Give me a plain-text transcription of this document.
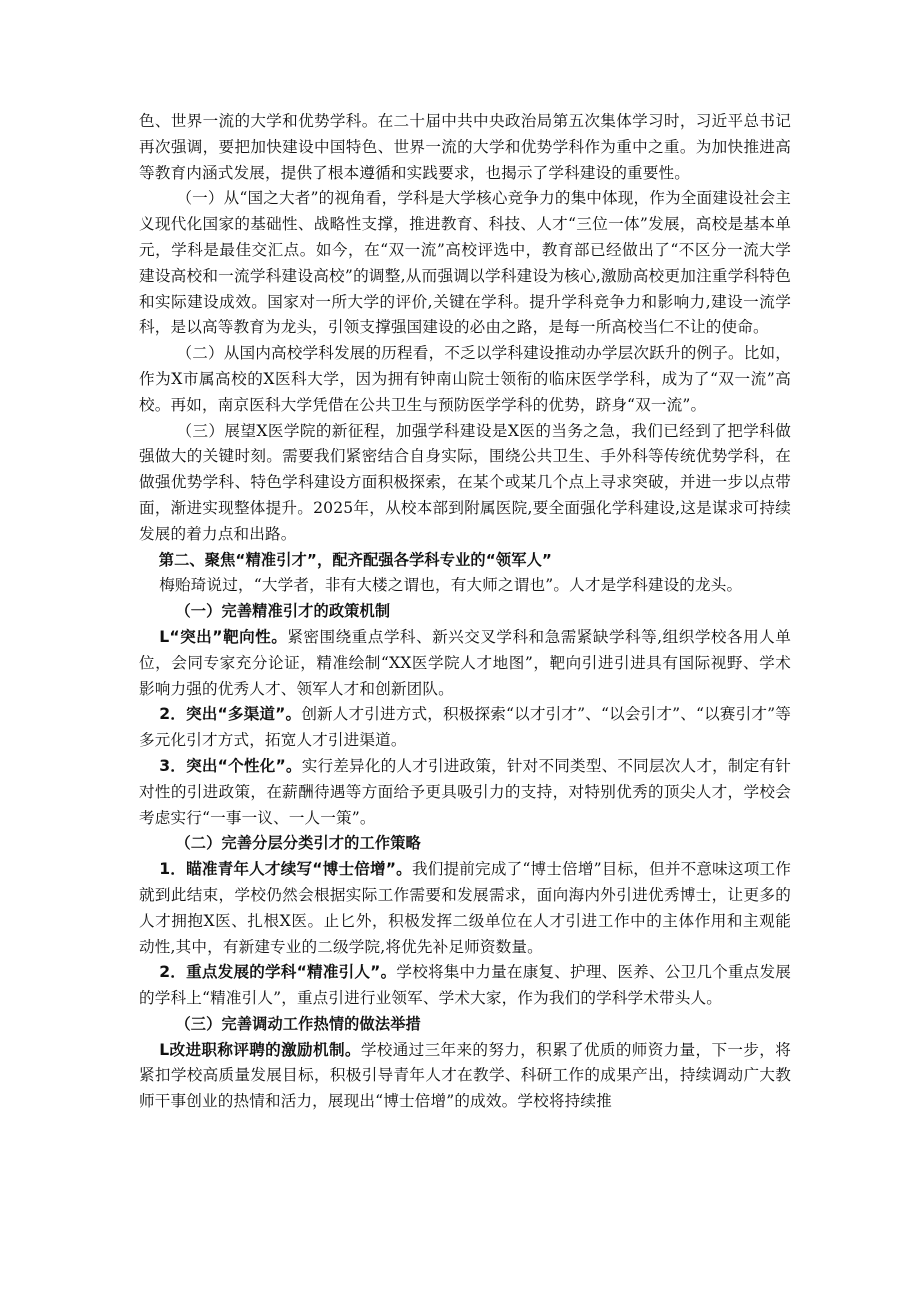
色、世界一流的大学和优势学科。在二十届中共中央政治局第五次集体学习时，习近平总书记再次强调，要把加快建设中国特色、世界一流的大学和优势学科作为重中之重。为加快推进高等教育内涵式发展，提供了根本遵循和实践要求，也揭示了学科建设的重要性。

（一）从“国之大者”的视角看，学科是大学核心竞争力的集中体现，作为全面建设社会主义现代化国家的基础性、战略性支撑，推进教育、科技、人才“三位一体”发展，高校是基本单元，学科是最佳交汇点。如今，在“双一流”高校评选中，教育部已经做出了“不区分一流大学建设高校和一流学科建设高校”的调整,从而强调以学科建设为核心,激励高校更加注重学科特色和实际建设成效。国家对一所大学的评价,关键在学科。提升学科竞争力和影响力,建设一流学科，是以高等教育为龙头，引领支撑强国建设的必由之路，是每一所高校当仁不让的使命。

（二）从国内高校学科发展的历程看，不乏以学科建设推动办学层次跃升的例子。比如，作为X市属高校的X医科大学，因为拥有钟南山院士领衔的临床医学学科，成为了“双一流”高校。再如，南京医科大学凭借在公共卫生与预防医学学科的优势，跻身“双一流”。

（三）展望X医学院的新征程，加强学科建设是X医的当务之急，我们已经到了把学科做强做大的关键时刻。需要我们紧密结合自身实际，围绕公共卫生、手外科等传统优势学科，在做强优势学科、特色学科建设方面积极探索，在某个或某几个点上寻求突破，并进一步以点带面，渐进实现整体提升。2025年，从校本部到附属医院,要全面强化学科建设,这是谋求可持续发展的着力点和出路。

第二、聚焦“精准引才”，配齐配强各学科专业的“领军人”

梅贻琦说过，“大学者，非有大楼之谓也，有大师之谓也”。人才是学科建设的龙头。

（一）完善精准引才的政策机制

L“突出”靶向性。紧密围绕重点学科、新兴交叉学科和急需紧缺学科等,组织学校各用人单位，会同专家充分论证，精准绘制“XX医学院人才地图”，靶向引进引进具有国际视野、学术影响力强的优秀人才、领军人才和创新团队。

2．突出“多渠道”。创新人才引进方式，积极探索“以才引才”、“以会引才”、“以赛引才”等多元化引才方式，拓宽人才引进渠道。

3．突出“个性化”。实行差异化的人才引进政策，针对不同类型、不同层次人才，制定有针对性的引进政策，在薪酬待遇等方面给予更具吸引力的支持，对特别优秀的顶尖人才，学校会考虑实行“一事一议、一人一策”。

（二）完善分层分类引才的工作策略

1．瞄准青年人才续写“博士倍增”。我们提前完成了“博士倍增”目标，但并不意味这项工作就到此结束，学校仍然会根据实际工作需要和发展需求，面向海内外引进优秀博士，让更多的人才拥抱X医、扎根X医。止匕外，积极发挥二级单位在人才引进工作中的主体作用和主观能动性,其中，有新建专业的二级学院,将优先补足师资数量。

2．重点发展的学科“精准引人”。学校将集中力量在康复、护理、医养、公卫几个重点发展的学科上“精准引人”，重点引进行业领军、学术大家，作为我们的学科学术带头人。

（三）完善调动工作热情的做法举措

L改进职称评聘的激励机制。学校通过三年来的努力，积累了优质的师资力量，下一步，将紧扣学校高质量发展目标，积极引导青年人才在教学、科研工作的成果产出，持续调动广大教师干事创业的热情和活力，展现出“博士倍增”的成效。学校将持续推
